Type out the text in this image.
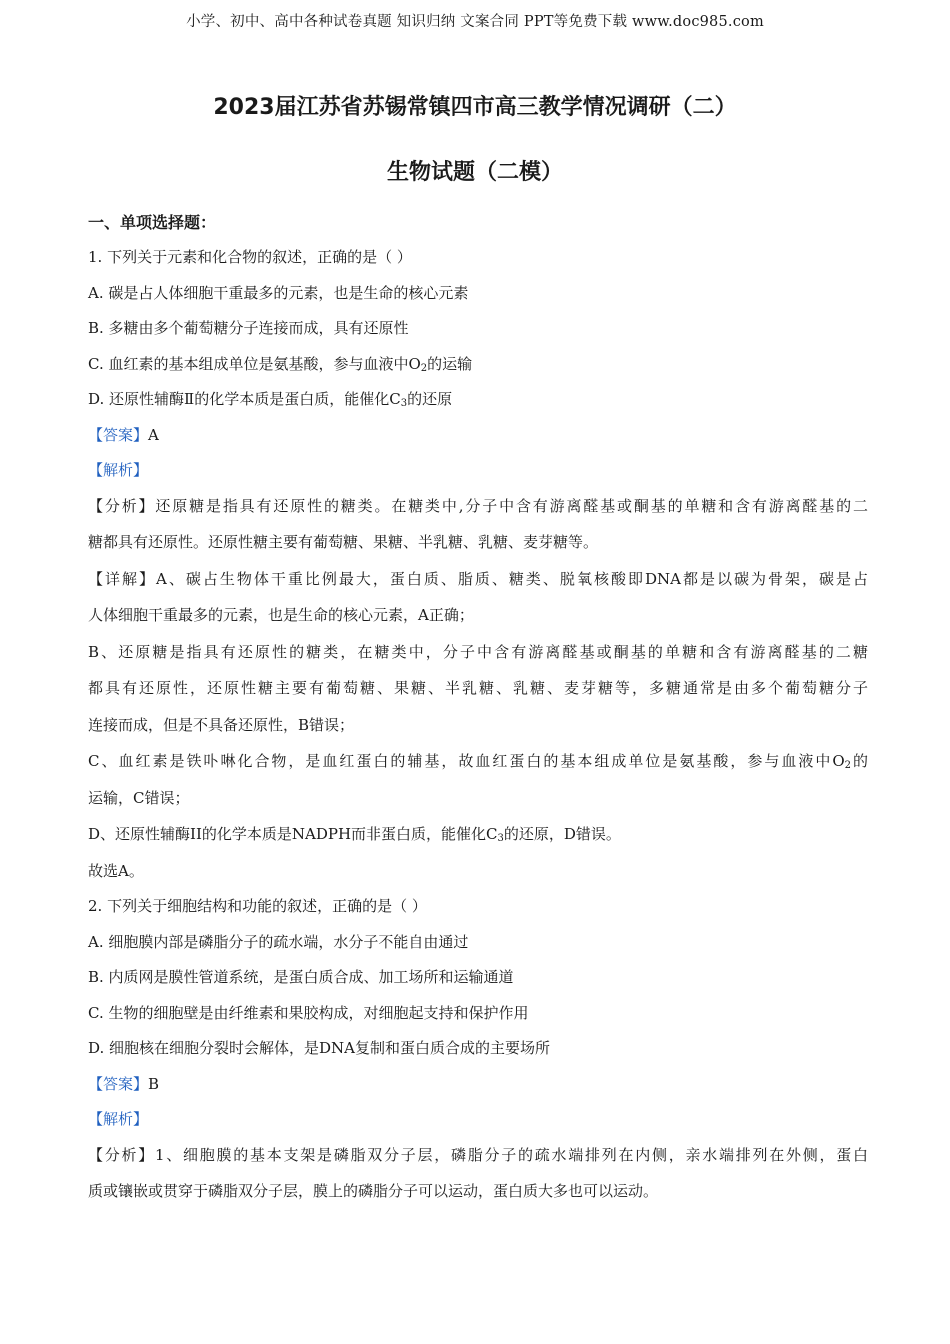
小学、初中、高中各种试卷真题 知识归纳 文案合同 PPT等免费下载 www.doc985.com
2023届江苏省苏锡常镇四市高三教学情况调研（二）
生物试题（二模）
一、单项选择题：
1. 下列关于元素和化合物的叙述，正确的是（ ）
A. 碳是占人体细胞干重最多的元素，也是生命的核心元素
B. 多糖由多个葡萄糖分子连接而成，具有还原性
C. 血红素的基本组成单位是氨基酸，参与血液中$O_2$的运输
D. 还原性辅酶Ⅱ的化学本质是蛋白质，能催化$C_3$的还原
【答案】A
【解析】
【分析】还原糖是指具有还原性的糖类。在糖类中,分子中含有游离醛基或酮基的单糖和含有游离醛基的二
糖都具有还原性。还原性糖主要有葡萄糖、果糖、半乳糖、乳糖、麦芽糖等。
【详解】A、碳占生物体干重比例最大，蛋白质、脂质、糖类、脱氧核酸即DNA都是以碳为骨架，碳是占
人体细胞干重最多的元素，也是生命的核心元素，A正确；
B、还原糖是指具有还原性的糖类，在糖类中，分子中含有游离醛基或酮基的单糖和含有游离醛基的二糖
都具有还原性，还原性糖主要有葡萄糖、果糖、半乳糖、乳糖、麦芽糖等，多糖通常是由多个葡萄糖分子
连接而成，但是不具备还原性，B错误；
C、血红素是铁卟啉化合物，是血红蛋白的辅基，故血红蛋白的基本组成单位是氨基酸，参与血液中$O_2$的
运输，C错误；
D、还原性辅酶II的化学本质是NADPH而非蛋白质，能催化$C_3$的还原，D错误。
故选A。
2. 下列关于细胞结构和功能的叙述，正确的是（ ）
A. 细胞膜内部是磷脂分子的疏水端，水分子不能自由通过
B. 内质网是膜性管道系统，是蛋白质合成、加工场所和运输通道
C. 生物的细胞壁是由纤维素和果胶构成，对细胞起支持和保护作用
D. 细胞核在细胞分裂时会解体，是DNA复制和蛋白质合成的主要场所
【答案】B
【解析】
【分析】1、细胞膜的基本支架是磷脂双分子层，磷脂分子的疏水端排列在内侧，亲水端排列在外侧，蛋白
质或镶嵌或贯穿于磷脂双分子层，膜上的磷脂分子可以运动，蛋白质大多也可以运动。
